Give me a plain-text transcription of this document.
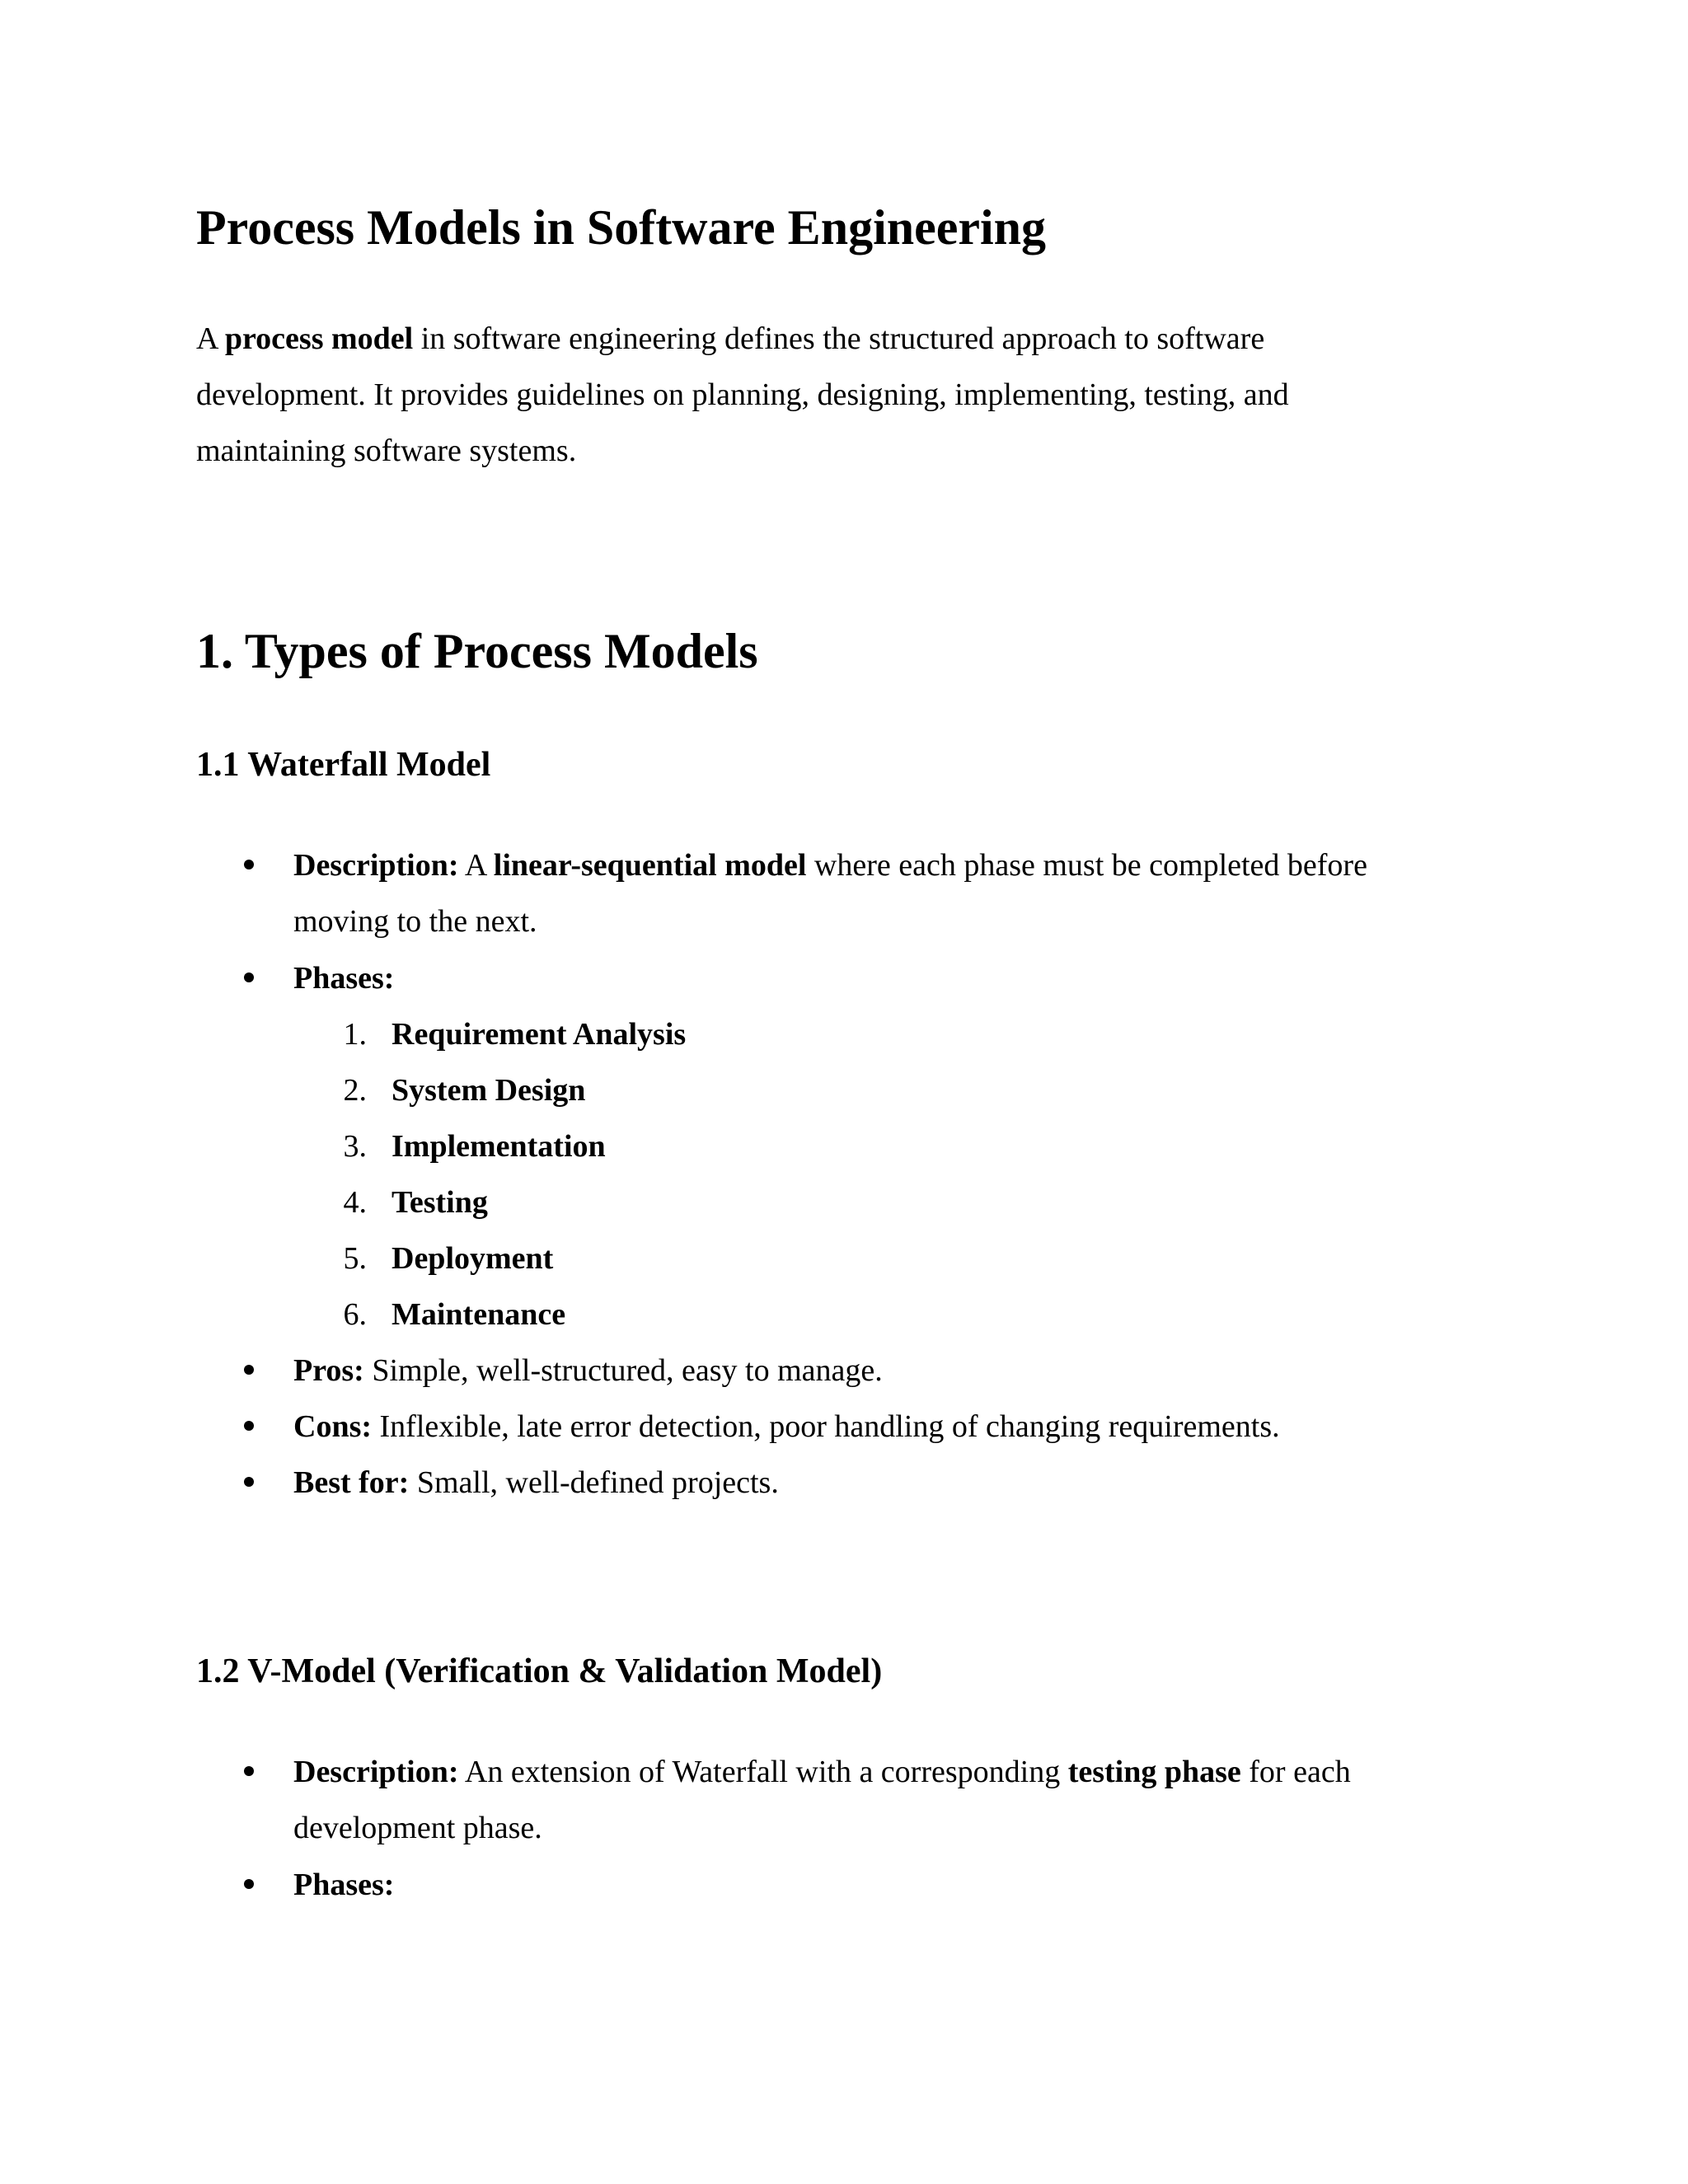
Process Models in Software Engineering
A process model in software engineering defines the structured approach to software
development. It provides guidelines on planning, designing, implementing, testing, and
maintaining software systems.
1. Types of Process Models
1.1 Waterfall Model
Description: A linear-sequential model where each phase must be completed before
moving to the next.
Phases:
1. Requirement Analysis
2. System Design
3. Implementation
4. Testing
5. Deployment
6. Maintenance
Pros: Simple, well-structured, easy to manage.
Cons: Inflexible, late error detection, poor handling of changing requirements.
Best for: Small, well-defined projects.
1.2 V-Model (Verification & Validation Model)
Description: An extension of Waterfall with a corresponding testing phase for each
development phase.
Phases:
